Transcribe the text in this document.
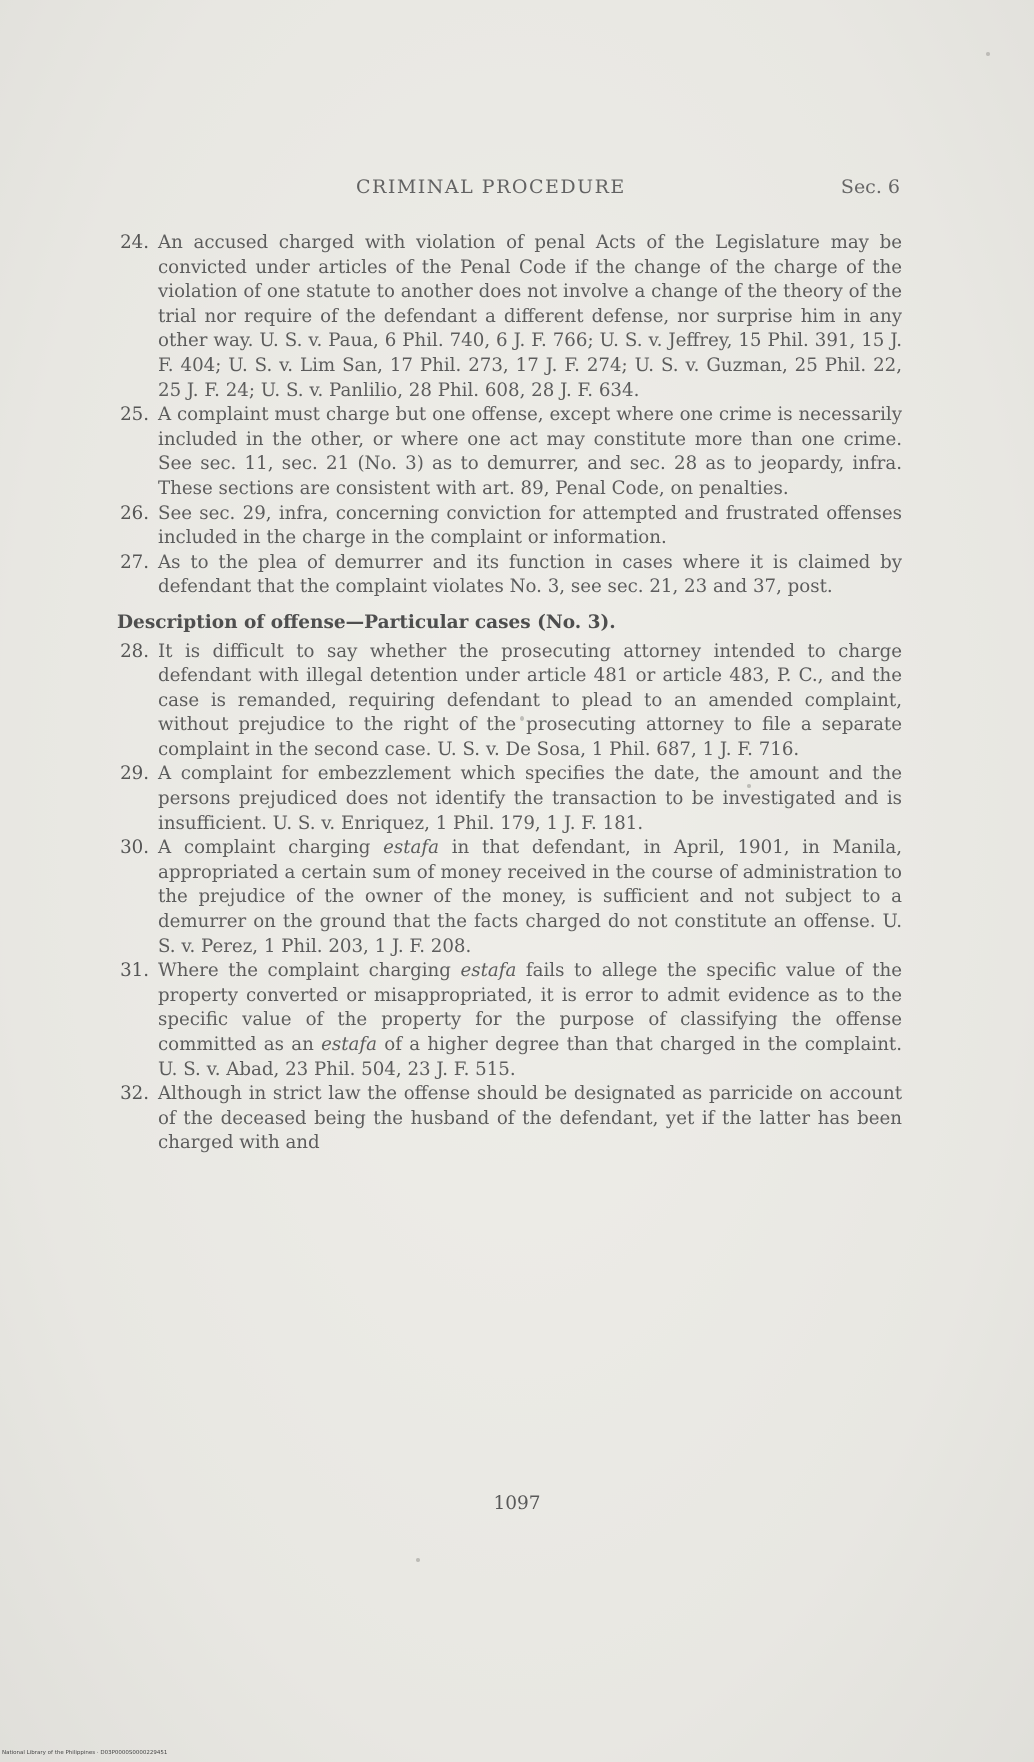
CRIMINAL PROCEDURE	Sec. 6
24. An accused charged with violation of penal Acts of the Legislature may be convicted under articles of the Penal Code if the change of the charge of the violation of one statute to another does not involve a change of the theory of the trial nor require of the defendant a different defense, nor surprise him in any other way. U. S. v. Paua, 6 Phil. 740, 6 J. F. 766; U. S. v. Jeffrey, 15 Phil. 391, 15 J. F. 404; U. S. v. Lim San, 17 Phil. 273, 17 J. F. 274; U. S. v. Guzman, 25 Phil. 22, 25 J. F. 24; U. S. v. Panlilio, 28 Phil. 608, 28 J. F. 634.
25. A complaint must charge but one offense, except where one crime is necessarily included in the other, or where one act may constitute more than one crime. See sec. 11, sec. 21 (No. 3) as to demurrer, and sec. 28 as to jeopardy, infra. These sections are consistent with art. 89, Penal Code, on penalties.
26. See sec. 29, infra, concerning conviction for attempted and frustrated offenses included in the charge in the complaint or information.
27. As to the plea of demurrer and its function in cases where it is claimed by defendant that the complaint violates No. 3, see sec. 21, 23 and 37, post.
Description of offense—Particular cases (No. 3).
28. It is difficult to say whether the prosecuting attorney intended to charge defendant with illegal detention under article 481 or article 483, P. C., and the case is remanded, requiring defendant to plead to an amended complaint, without prejudice to the right of the prosecuting attorney to file a separate complaint in the second case. U. S. v. De Sosa, 1 Phil. 687, 1 J. F. 716.
29. A complaint for embezzlement which specifies the date, the amount and the persons prejudiced does not identify the transaction to be investigated and is insufficient. U. S. v. Enriquez, 1 Phil. 179, 1 J. F. 181.
30. A complaint charging estafa in that defendant, in April, 1901, in Manila, appropriated a certain sum of money received in the course of administration to the prejudice of the owner of the money, is sufficient and not subject to a demurrer on the ground that the facts charged do not constitute an offense. U. S. v. Perez, 1 Phil. 203, 1 J. F. 208.
31. Where the complaint charging estafa fails to allege the specific value of the property converted or misappropriated, it is error to admit evidence as to the specific value of the property for the purpose of classifying the offense committed as an estafa of a higher degree than that charged in the complaint. U. S. v. Abad, 23 Phil. 504, 23 J. F. 515.
32. Although in strict law the offense should be designated as parricide on account of the deceased being the husband of the defendant, yet if the latter has been charged with and
1097
National Library of the Philippines · D03P0000S0000229451
